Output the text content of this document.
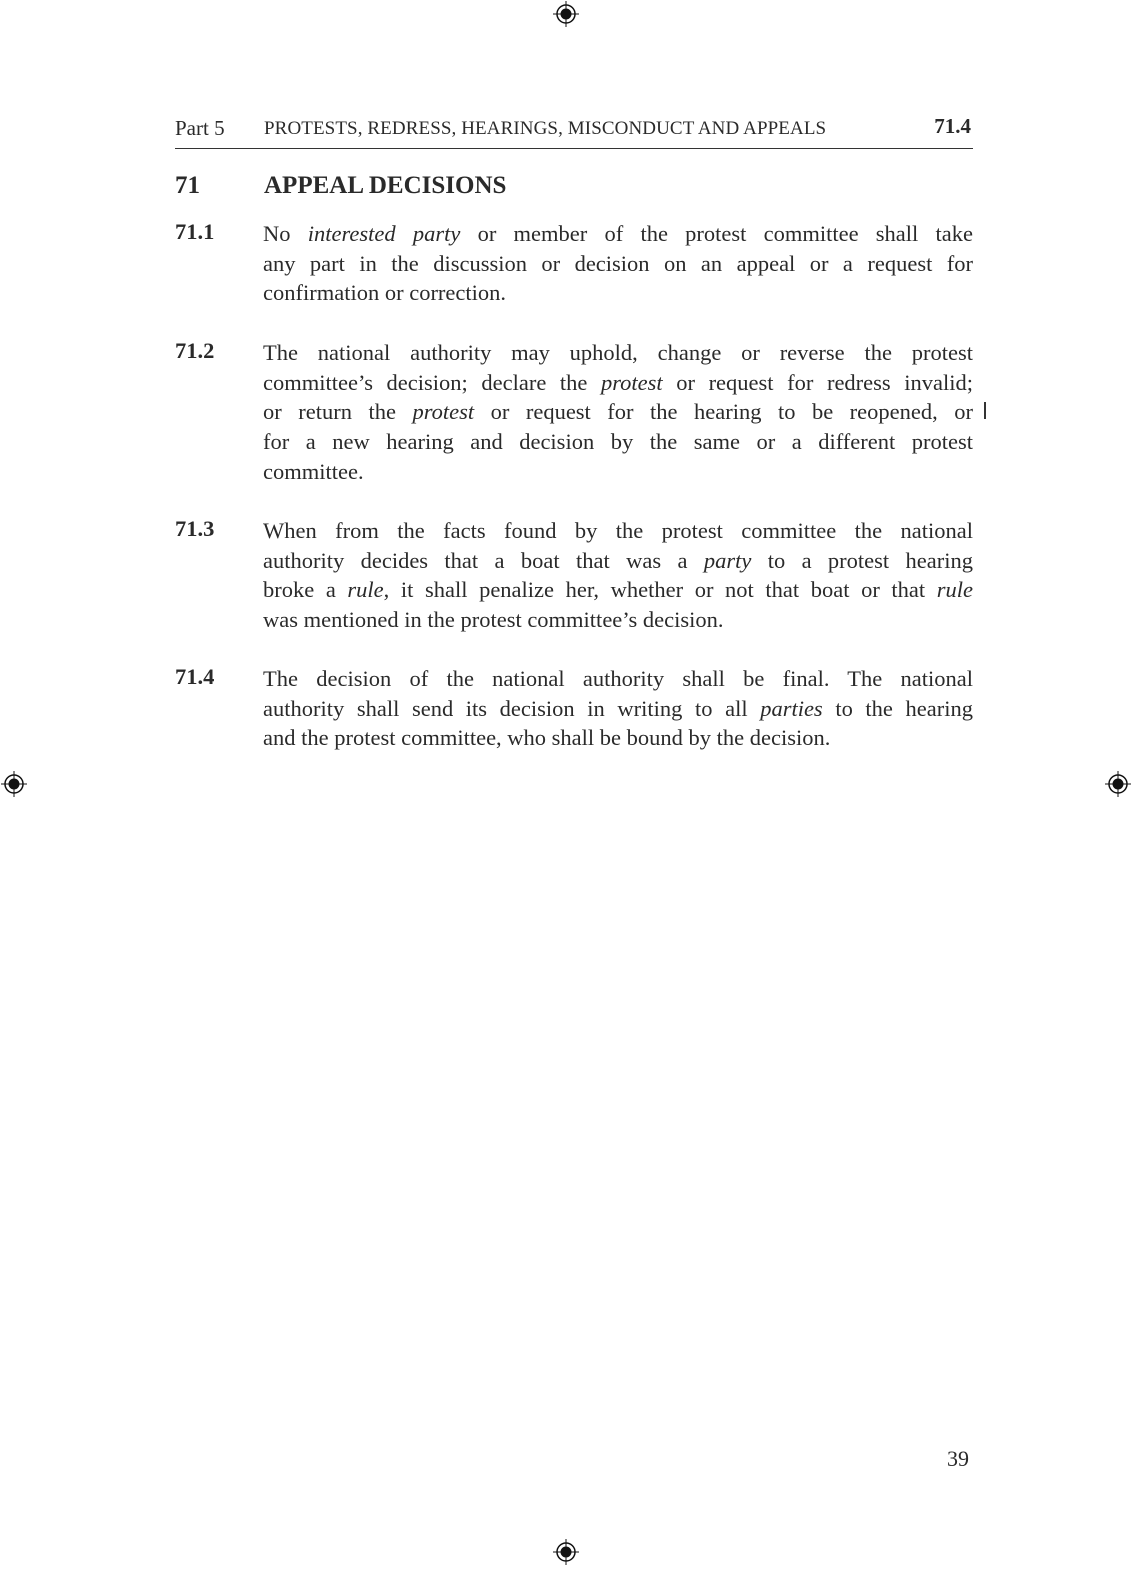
Part 5 PROTESTS, REDRESS, HEARINGS, MISCONDUCT AND APPEALS	71.4
71	APPEAL DECISIONS
71.1 No interested party or member of the protest committee shall take
any part in the discussion or decision on an appeal or a request for
confirmation or correction.
71.2 The national authority may uphold, change or reverse the protest
committee’s decision; declare the protest or request for redress invalid;
or return the protest or request for the hearing to be reopened, or
for a new hearing and decision by the same or a different protest
committee.
71.3 When from the facts found by the protest committee the national
authority decides that a boat that was a party to a protest hearing
broke a rule, it shall penalize her, whether or not that boat or that rule
was mentioned in the protest committee’s decision.
71.4 The decision of the national authority shall be final. The national
authority shall send its decision in writing to all parties to the hearing
and the protest committee, who shall be bound by the decision.
39
